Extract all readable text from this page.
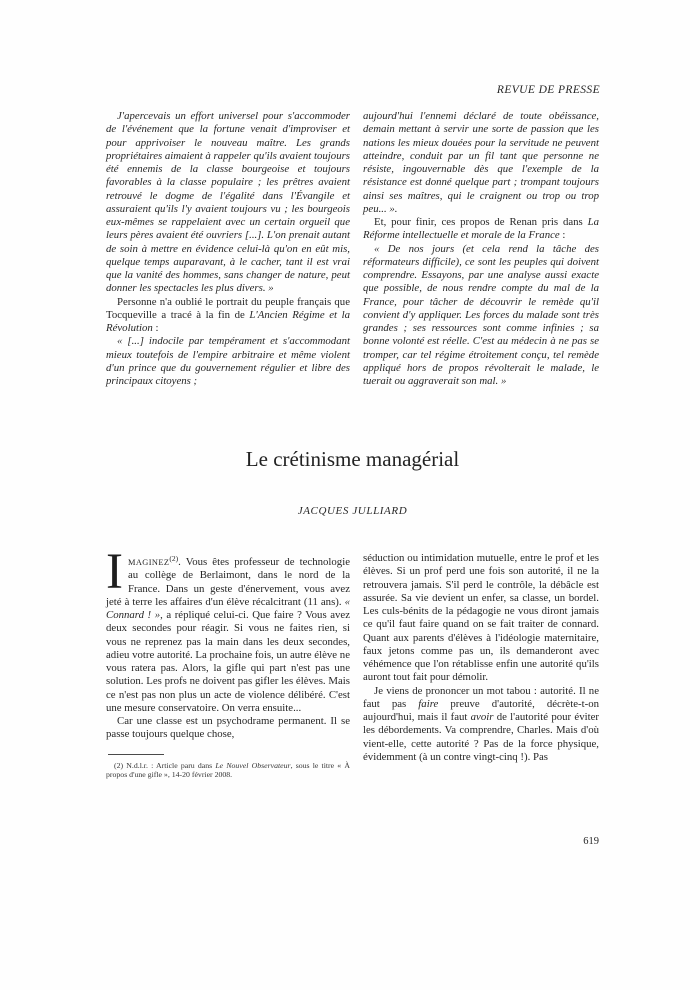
REVUE DE PRESSE

J'apercevais un effort universel pour s'accommoder de l'événement que la fortune venait d'improviser et pour apprivoiser le nouveau maître. Les grands propriétaires aimaient à rappeler qu'ils avaient toujours été ennemis de la classe bourgeoise et toujours favorables à la classe populaire ; les prêtres avaient retrouvé le dogme de l'égalité dans l'Évangile et assuraient qu'ils l'y avaient toujours vu ; les bourgeois eux-mêmes se rappelaient avec un certain orgueil que leurs pères avaient été ouvriers [...]. L'on prenait autant de soin à mettre en évidence celui-là qu'on en eût mis, quelque temps auparavant, à le cacher, tant il est vrai que la vanité des hommes, sans changer de nature, peut donner les spectacles les plus divers. »

Personne n'a oublié le portrait du peuple français que Tocqueville a tracé à la fin de L'Ancien Régime et la Révolution :

« [...] indocile par tempérament et s'accommodant mieux toutefois de l'empire arbitraire et même violent d'un prince que du gouvernement régulier et libre des principaux citoyens ;

aujourd'hui l'ennemi déclaré de toute obéissance, demain mettant à servir une sorte de passion que les nations les mieux douées pour la servitude ne peuvent atteindre, conduit par un fil tant que personne ne résiste, ingouvernable dès que l'exemple de la résistance est donné quelque part ; trompant toujours ainsi ses maîtres, qui le craignent ou trop ou trop peu... ».

Et, pour finir, ces propos de Renan pris dans La Réforme intellectuelle et morale de la France :

« De nos jours (et cela rend la tâche des réformateurs difficile), ce sont les peuples qui doivent comprendre. Essayons, par une analyse aussi exacte que possible, de nous rendre compte du mal de la France, pour tâcher de découvrir le remède qu'il convient d'y appliquer. Les forces du malade sont très grandes ; ses ressources sont comme infinies ; sa bonne volonté est réelle. C'est au médecin à ne pas se tromper, car tel régime étroitement conçu, tel remède appliqué hors de propos révolterait le malade, le tuerait ou aggraverait son mal. »

Le crétinisme managérial
JACQUES JULLIARD

IMAGINEZ$^{(2)}$. Vous êtes professeur de technologie au collège de Berlaimont, dans le nord de la France. Dans un geste d'énervement, vous avez jeté à terre les affaires d'un élève récalcitrant (11 ans). « Connard ! », a répliqué celui-ci. Que faire ? Vous avez deux secondes pour réagir. Si vous ne faites rien, si vous ne reprenez pas la main dans les deux secondes, adieu votre autorité. La prochaine fois, un autre élève ne vous ratera pas. Alors, la gifle qui part n'est pas une solution. Les profs ne doivent pas gifler les élèves. Mais ce n'est pas non plus un acte de violence délibéré. C'est une mesure conservatoire. On verra ensuite...

Car une classe est un psychodrame permanent. Il se passe toujours quelque chose,

(2) N.d.l.r. : Article paru dans Le Nouvel Observateur, sous le titre « À propos d'une gifle », 14-20 février 2008.

séduction ou intimidation mutuelle, entre le prof et les élèves. Si un prof perd une fois son autorité, il ne la retrouvera jamais. S'il perd le contrôle, la débâcle est assurée. Sa vie devient un enfer, sa classe, un bordel. Les culs-bénits de la pédagogie ne vous diront jamais ce qu'il faut faire quand on se fait traiter de connard. Quant aux parents d'élèves à l'idéologie maternitaire, faux jetons comme pas un, ils demanderont avec véhémence que l'on rétablisse enfin une autorité qu'ils auront tout fait pour démolir.

Je viens de prononcer un mot tabou : autorité. Il ne faut pas faire preuve d'autorité, décrète-t-on aujourd'hui, mais il faut avoir de l'autorité pour éviter les débordements. Va comprendre, Charles. Mais d'où vient-elle, cette autorité ? Pas de la force physique, évidemment (à un contre vingt-cinq !). Pas

619
